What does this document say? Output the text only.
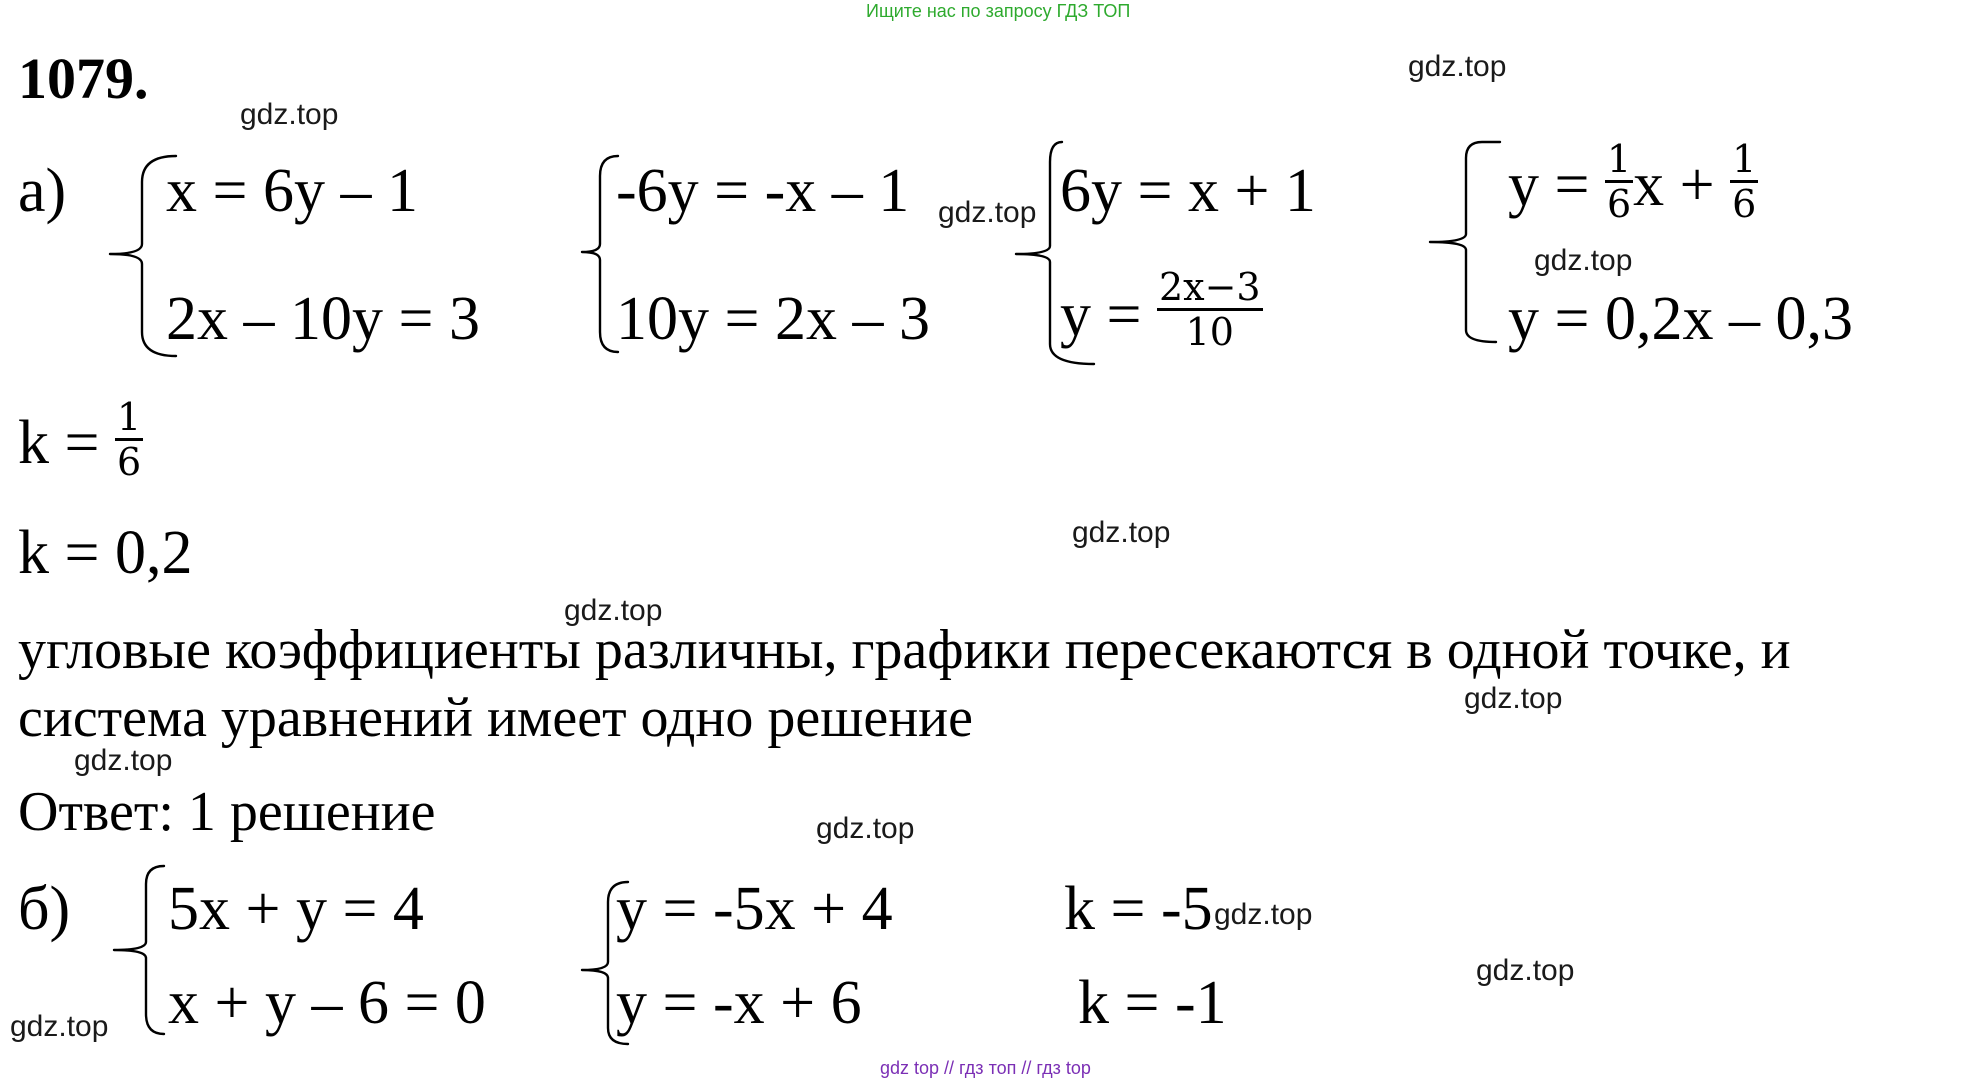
Ищите нас по запросу ГДЗ ТОП
1079.
а) x = 6y – 1
2x – 10y = 3
-6y = -x – 1
10y = 2x – 3
6y = x + 1
$y = \frac{2x-3}{10}$
$y = \frac{1}{6}$ $x + \frac{1}{6}$
y = 0,2x – 0,3
$k = \frac{1}{6}$
k = 0,2
угловые коэффициенты различны, графики пересекаются в одной точке, и
система уравнений имеет одно решение
Ответ: 1 решение
б) 5x + y = 4
x + y – 6 = 0
y = -5x + 4
y = -x + 6
k = -5
k = -1
gdz.top
gdz.top
gdz.top
gdz.top
gdz.top
gdz.top
gdz.top
gdz.top
gdz.top
gdz.top
gdz.top
gdz.top
gdz top // гдз топ // гдз top
